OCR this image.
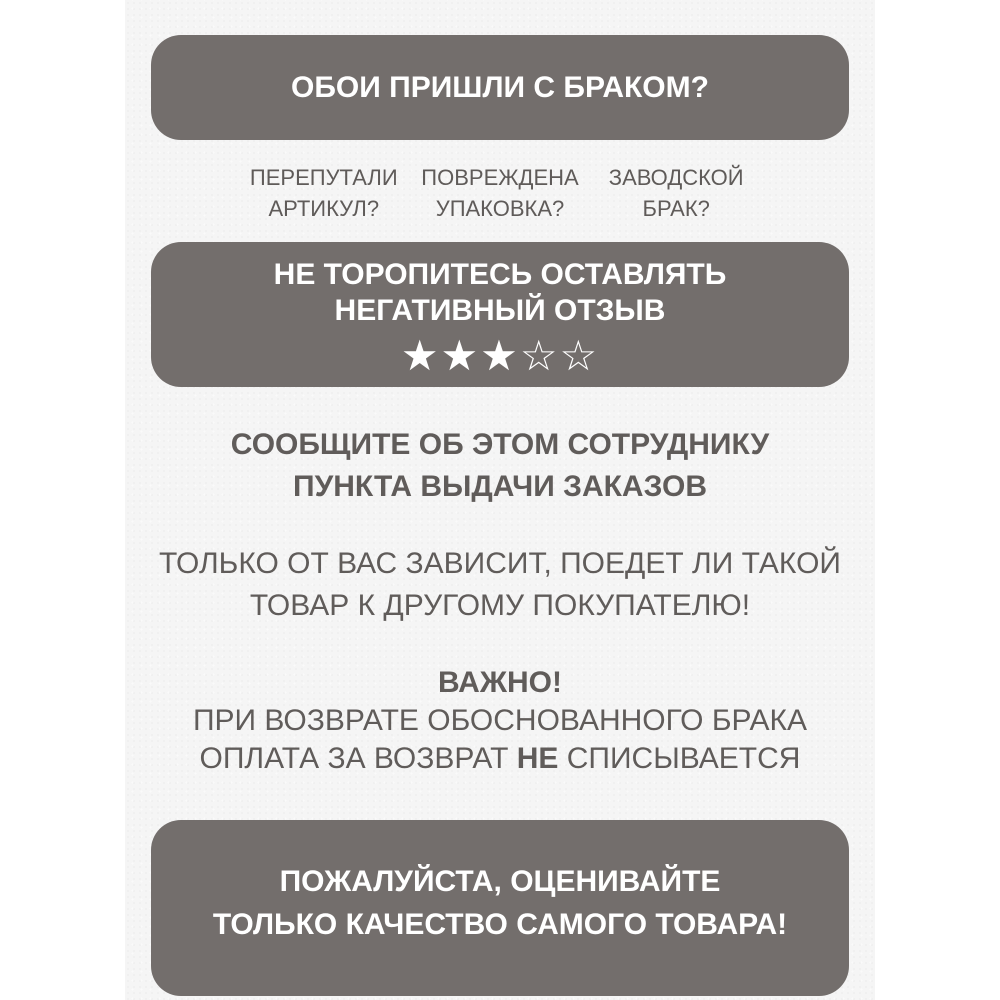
ОБОИ ПРИШЛИ С БРАКОМ?
ПЕРЕПУТАЛИ
АРТИКУЛ?
ПОВРЕЖДЕНА
УПАКОВКА?
ЗАВОДСКОЙ
БРАК?
НЕ ТОРОПИТЕСЬ ОСТАВЛЯТЬ
НЕГАТИВНЫЙ ОТЗЫВ
★★★☆☆
СООБЩИТЕ ОБ ЭТОМ СОТРУДНИКУ
ПУНКТА ВЫДАЧИ ЗАКАЗОВ
ТОЛЬКО ОТ ВАС ЗАВИСИТ, ПОЕДЕТ ЛИ ТАКОЙ
ТОВАР К ДРУГОМУ ПОКУПАТЕЛЮ!
ВАЖНО!
ПРИ ВОЗВРАТЕ ОБОСНОВАННОГО БРАКА
ОПЛАТА ЗА ВОЗВРАТ НЕ СПИСЫВАЕТСЯ
ПОЖАЛУЙСТА, ОЦЕНИВАЙТЕ
ТОЛЬКО КАЧЕСТВО САМОГО ТОВАРА!
